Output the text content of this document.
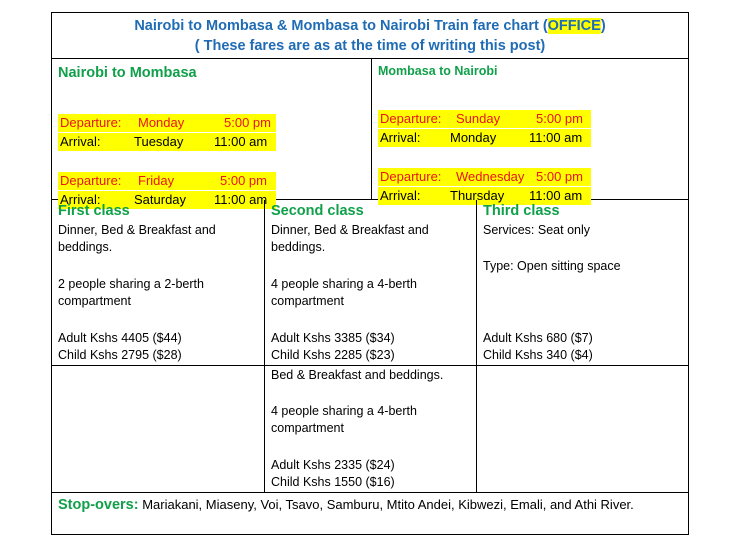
Nairobi to Mombasa & Mombasa to Nairobi Train fare chart (OFFICE)
( These fares are as at the time of writing this post)
Nairobi to Mombasa
Departure: Monday	5:00 pm
Arrival:	Tuesday 11:00 am
Departure: Friday	5:00 pm
Arrival:	Saturday 11:00 am
Mombasa to Nairobi
Departure: Sunday	5:00 pm
Arrival: Monday	11:00 am
Departure: Wednesday 5:00 pm
Arrival: Thursday 11:00 am
First class
Dinner, Bed & Breakfast and
beddings.
2 people sharing a 2-berth
compartment
Adult Kshs 4405 ($44)
Child Kshs 2795 ($28)
Second class
Dinner, Bed & Breakfast and
beddings.
4 people sharing a 4-berth
compartment
Adult Kshs 3385 ($34)
Child Kshs 2285 ($23)
Third class
Services: Seat only
Type: Open sitting space
Adult Kshs 680 ($7)
Child Kshs 340 ($4)
Bed & Breakfast and beddings.
4 people sharing a 4-berth
compartment
Adult Kshs 2335 ($24)
Child Kshs 1550 ($16)
Stop-overs: Mariakani, Miaseny, Voi, Tsavo, Samburu, Mtito Andei, Kibwezi, Emali, and Athi River.
